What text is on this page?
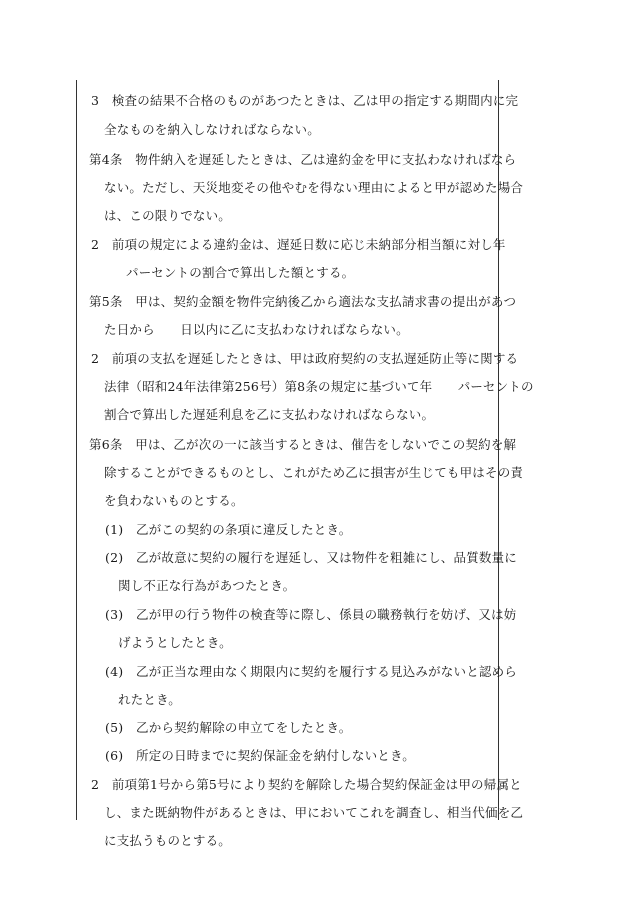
3　検査の結果不合格のものがあつたときは、乙は甲の指定する期間内に完
全なものを納入しなければならない。
第4条　物件納入を遅延したときは、乙は違約金を甲に支払わなければなら
ない。ただし、天災地変その他やむを得ない理由によると甲が認めた場合
は、この限りでない。
2　前項の規定による違約金は、遅延日数に応じ未納部分相当額に対し年
パーセントの割合で算出した額とする。
第5条　甲は、契約金額を物件完納後乙から適法な支払請求書の提出があつ
た日から　　日以内に乙に支払わなければならない。
2　前項の支払を遅延したときは、甲は政府契約の支払遅延防止等に関する
法律（昭和24年法律第256号）第8条の規定に基づいて年　　パーセントの
割合で算出した遅延利息を乙に支払わなければならない。
第6条　甲は、乙が次の一に該当するときは、催告をしないでこの契約を解
除することができるものとし、これがため乙に損害が生じても甲はその責
を負わないものとする。
(1)　乙がこの契約の条項に違反したとき。
(2)　乙が故意に契約の履行を遅延し、又は物件を粗雑にし、品質数量に
関し不正な行為があつたとき。
(3)　乙が甲の行う物件の検査等に際し、係員の職務執行を妨げ、又は妨
げようとしたとき。
(4)　乙が正当な理由なく期限内に契約を履行する見込みがないと認めら
れたとき。
(5)　乙から契約解除の申立てをしたとき。
(6)　所定の日時までに契約保証金を納付しないとき。
2　前項第1号から第5号により契約を解除した場合契約保証金は甲の帰属と
し、また既納物件があるときは、甲においてこれを調査し、相当代価を乙
に支払うものとする。
